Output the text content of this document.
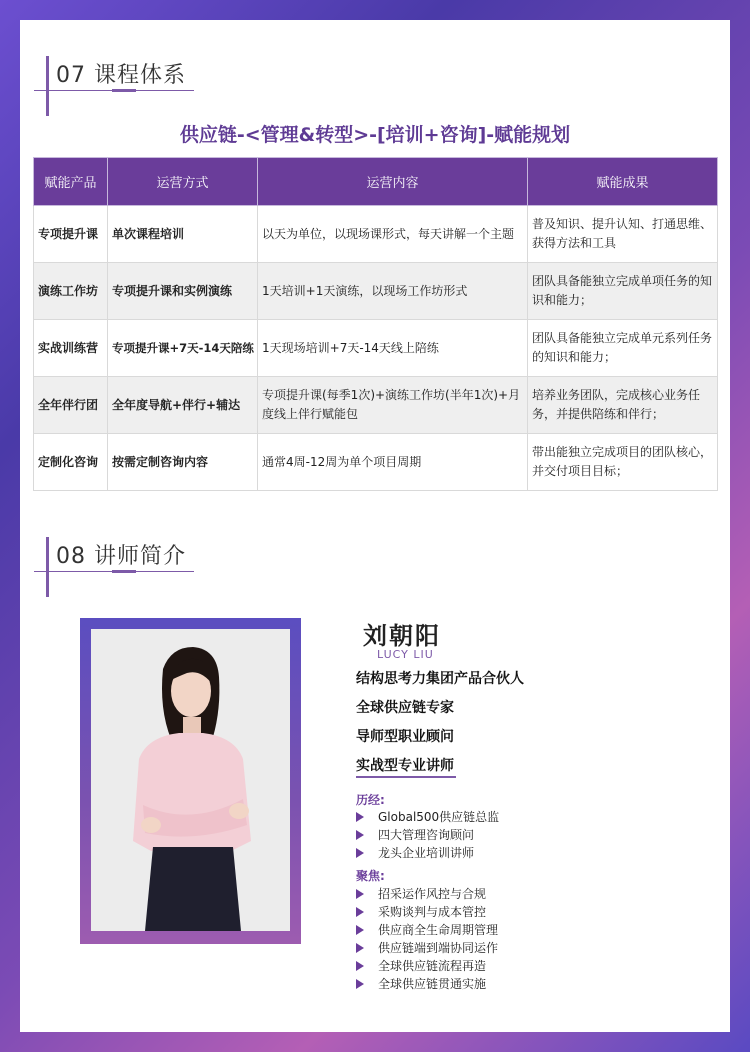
07 课程体系
供应链-<管理&转型>-[培训+咨询]-赋能规划
赋能产品	运营方式	运营内容	赋能成果
专项提升课	单次课程培训	以天为单位，以现场课形式，每天讲解一个主题	普及知识、提升认知、打通思维、获得方法和工具
演练工作坊	专项提升课和实例演练	1天培训+1天演练，以现场工作坊形式	团队具备能独立完成单项任务的知识和能力；
实战训练营	专项提升课+7天-14天陪练	1天现场培训+7天-14天线上陪练	团队具备能独立完成单元系列任务的知识和能力；
全年伴行团	全年度导航+伴行+辅达	专项提升课(每季1次)+演练工作坊(半年1次)+月度线上伴行赋能包	培养业务团队，完成核心业务任务，并提供陪练和伴行；
定制化咨询	按需定制咨询内容	通常4周-12周为单个项目周期	带出能独立完成项目的团队核心，并交付项目目标；
08 讲师简介
刘朝阳
LUCY LIU
结构思考力集团产品合伙人
全球供应链专家
导师型职业顾问
实战型专业讲师
历经:
Global500供应链总监
四大管理咨询顾问
龙头企业培训讲师
聚焦:
招采运作风控与合规
采购谈判与成本管控
供应商全生命周期管理
供应链端到端协同运作
全球供应链流程再造
全球供应链贯通实施
